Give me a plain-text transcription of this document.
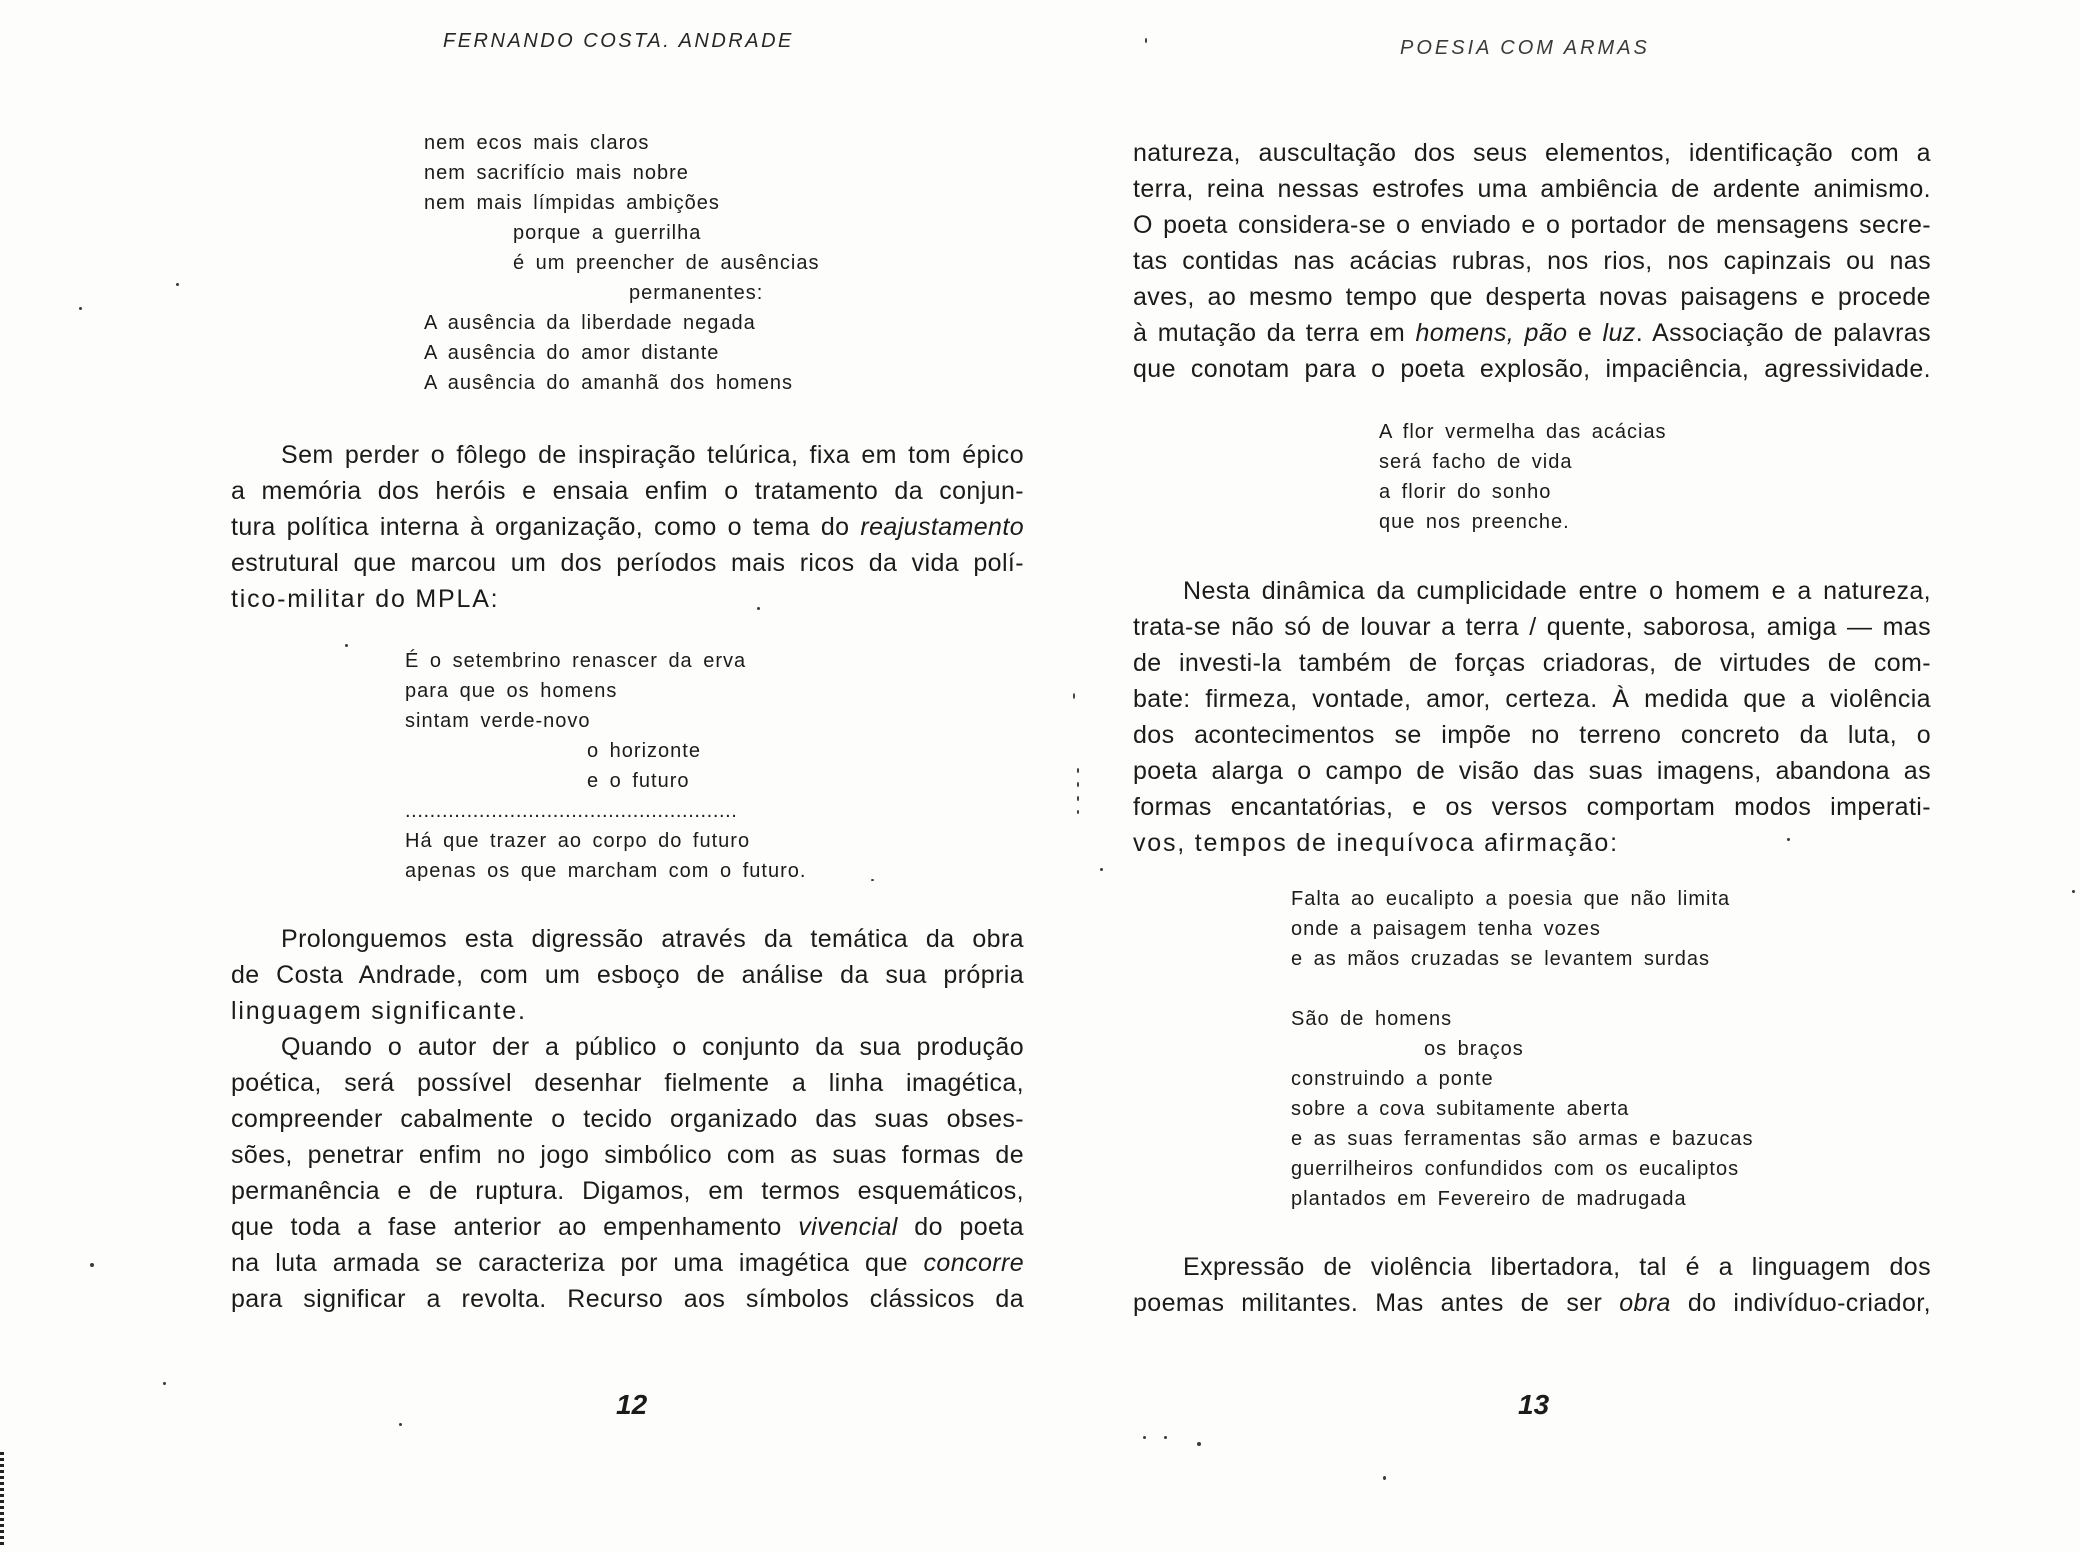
FERNANDO COSTA. ANDRADE
nem ecos mais claros
nem sacrifício mais nobre
nem mais límpidas ambições
porque a guerrilha
é um preencher de ausências
permanentes:
A ausência da liberdade negada
A ausência do amor distante
A ausência do amanhã dos homens
Sem perder o fôlego de inspiração telúrica, fixa em tom épico
a memória dos heróis e ensaia enfim o tratamento da conjun-
tura política interna à organização, como o tema do reajustamento
estrutural que marcou um dos períodos mais ricos da vida polí-
tico-militar do MPLA:
É o setembrino renascer da erva
para que os homens
sintam verde-novo
o horizonte
e o futuro
......................................................
Há que trazer ao corpo do futuro
apenas os que marcham com o futuro.
Prolonguemos esta digressão através da temática da obra
de Costa Andrade, com um esboço de análise da sua própria
linguagem significante.
Quando o autor der a público o conjunto da sua produção
poética, será possível desenhar fielmente a linha imagética,
compreender cabalmente o tecido organizado das suas obses-
sões, penetrar enfim no jogo simbólico com as suas formas de
permanência e de ruptura. Digamos, em termos esquemáticos,
que toda a fase anterior ao empenhamento vivencial do poeta
na luta armada se caracteriza por uma imagética que concorre
para significar a revolta. Recurso aos símbolos clássicos da
12
POESIA COM ARMAS
natureza, auscultação dos seus elementos, identificação com a
terra, reina nessas estrofes uma ambiência de ardente animismo.
O poeta considera-se o enviado e o portador de mensagens secre-
tas contidas nas acácias rubras, nos rios, nos capinzais ou nas
aves, ao mesmo tempo que desperta novas paisagens e procede
à mutação da terra em homens, pão e luz. Associação de palavras
que conotam para o poeta explosão, impaciência, agressividade.
A flor vermelha das acácias
será facho de vida
a florir do sonho
que nos preenche.
Nesta dinâmica da cumplicidade entre o homem e a natureza,
trata-se não só de louvar a terra / quente, saborosa, amiga — mas
de investi-la também de forças criadoras, de virtudes de com-
bate: firmeza, vontade, amor, certeza. À medida que a violência
dos acontecimentos se impõe no terreno concreto da luta, o
poeta alarga o campo de visão das suas imagens, abandona as
formas encantatórias, e os versos comportam modos imperati-
vos, tempos de inequívoca afirmação:
Falta ao eucalipto a poesia que não limita
onde a paisagem tenha vozes
e as mãos cruzadas se levantem surdas
São de homens
os braços
construindo a ponte
sobre a cova subitamente aberta
e as suas ferramentas são armas e bazucas
guerrilheiros confundidos com os eucaliptos
plantados em Fevereiro de madrugada
Expressão de violência libertadora, tal é a linguagem dos
poemas militantes. Mas antes de ser obra do indivíduo-criador,
13
